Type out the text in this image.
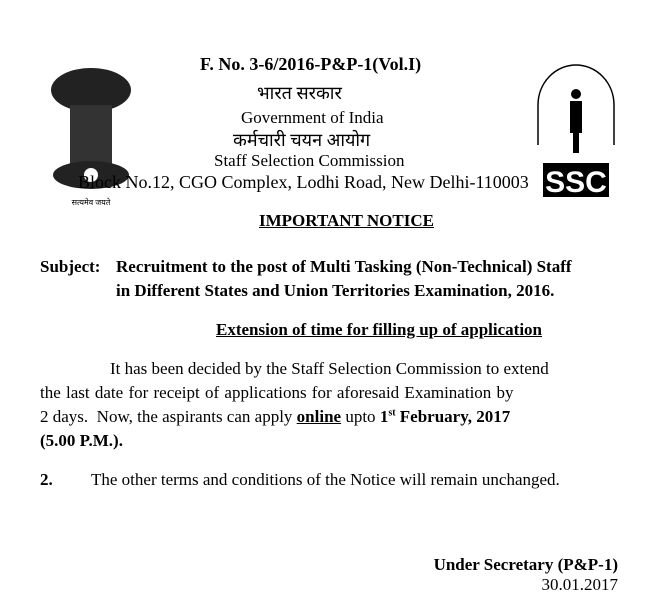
सत्यमेव जयते
SSC
F. No. 3-6/2016-P&P-1(Vol.I)
भारत सरकार
Government of India
कर्मचारी चयन आयोग
Staff Selection Commission
Block No.12, CGO Complex, Lodhi Road, New Delhi-110003
IMPORTANT NOTICE
Subject: Recruitment to the post of Multi Tasking (Non-Technical) Staff
in Different States and Union Territories Examination, 2016.
Extension of time for filling up of application
It has been decided by the Staff Selection Commission to extend
the last date for receipt of applications for aforesaid Examination by
2 days.  Now, the aspirants can apply online upto 1st February, 2017
(5.00 P.M.).
2. The other terms and conditions of the Notice will remain unchanged.
Under Secretary (P&P-1)
30.01.2017
